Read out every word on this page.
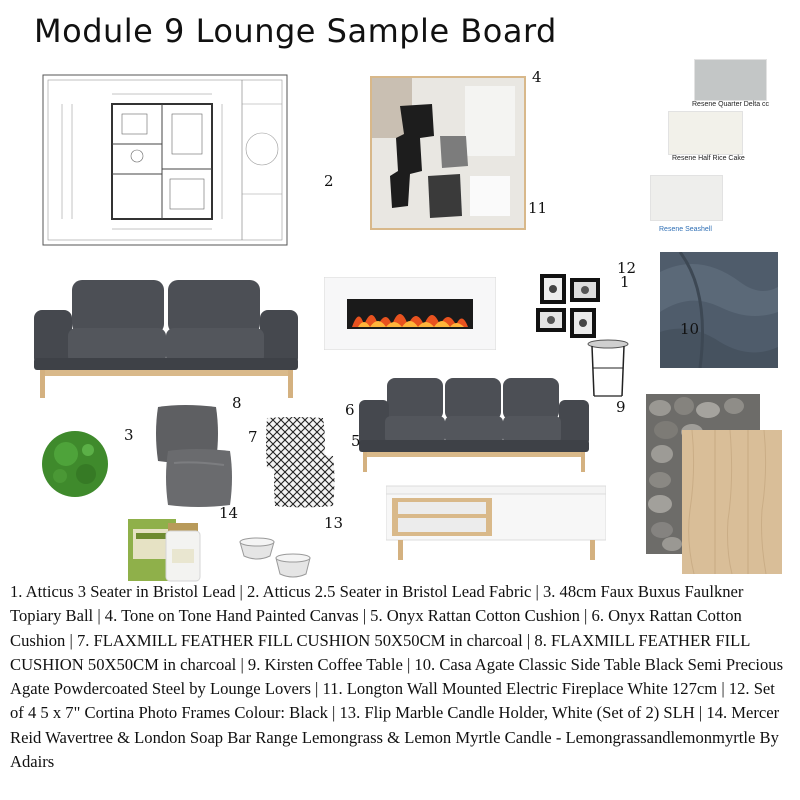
Module 9 Lounge Sample Board
2
4
11
Resene Quarter Delta cc
Resene Half Rice Cake
Resene Seashell
12
1
9
10
3
8
14
7
13
6
5
1. Atticus 3 Seater in Bristol Lead | 2. Atticus 2.5 Seater in Bristol Lead Fabric | 3. 48cm Faux Buxus Faulkner Topiary Ball | 4. Tone on Tone Hand Painted Canvas | 5. Onyx Rattan Cotton Cushion | 6. Onyx Rattan Cotton Cushion | 7. FLAXMILL FEATHER FILL CUSHION 50X50CM in charcoal | 8. FLAXMILL FEATHER FILL CUSHION 50X50CM in charcoal | 9. Kirsten Coffee Table | 10. Casa Agate Classic Side Table Black Semi Precious Agate Powdercoated Steel by Lounge Lovers | 11. Longton Wall Mounted Electric Fireplace White 127cm | 12. Set of 4 5 x 7" Cortina Photo Frames Colour: Black | 13. Flip Marble Candle Holder, White (Set of 2) SLH | 14. Mercer Reid Wavertree & London Soap Bar Range Lemongrass & Lemon Myrtle Candle - Lemongrassandlemonmyrtle By Adairs
